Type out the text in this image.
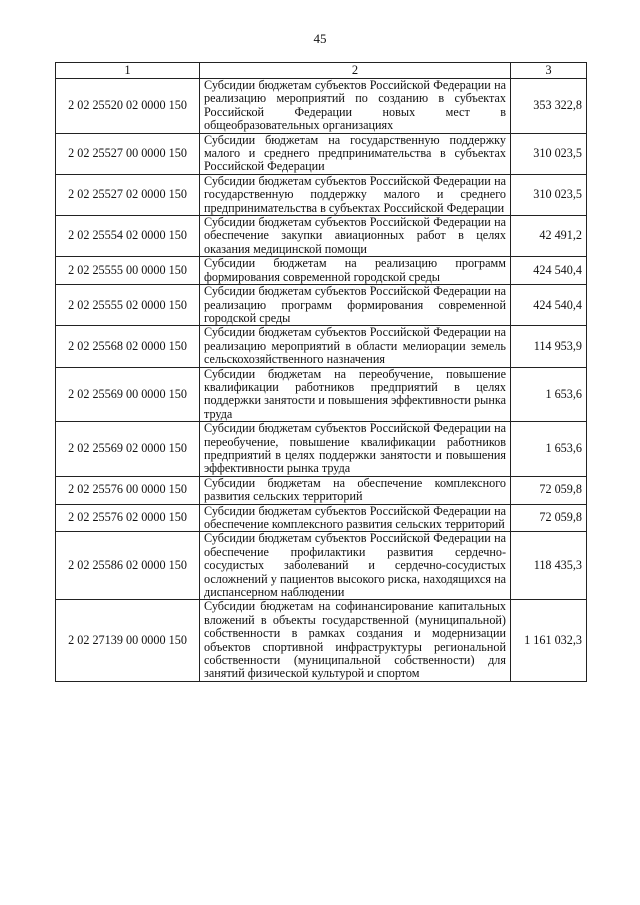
45
1	2	3
2 02 25520 02 0000 150	Субсидии бюджетам субъектов Российской Федерации на реализацию мероприятий по созданию в субъектах Российской Федерации новых мест в общеобразовательных организациях	353 322,8
2 02 25527 00 0000 150	Субсидии бюджетам на государственную поддержку малого и среднего предпринимательства в субъектах Российской Федерации	310 023,5
2 02 25527 02 0000 150	Субсидии бюджетам субъектов Российской Федерации на государственную поддержку малого и среднего предпринимательства в субъектах Российской Федерации	310 023,5
2 02 25554 02 0000 150	Субсидии бюджетам субъектов Российской Федерации на обеспечение закупки авиационных работ в целях оказания медицинской помощи	42 491,2
2 02 25555 00 0000 150	Субсидии бюджетам на реализацию программ формирования современной городской среды	424 540,4
2 02 25555 02 0000 150	Субсидии бюджетам субъектов Российской Федерации на реализацию программ формирования современной городской среды	424 540,4
2 02 25568 02 0000 150	Субсидии бюджетам субъектов Российской Федерации на реализацию мероприятий в области мелиорации земель сельскохозяйственного назначения	114 953,9
2 02 25569 00 0000 150	Субсидии бюджетам на переобучение, повышение квалификации работников предприятий в целях поддержки занятости и повышения эффективности рынка труда	1 653,6
2 02 25569 02 0000 150	Субсидии бюджетам субъектов Российской Федерации на переобучение, повышение квалификации работников предприятий в целях поддержки занятости и повышения эффективности рынка труда	1 653,6
2 02 25576 00 0000 150	Субсидии бюджетам на обеспечение комплексного развития сельских территорий	72 059,8
2 02 25576 02 0000 150	Субсидии бюджетам субъектов Российской Федерации на обеспечение комплексного развития сельских территорий	72 059,8
2 02 25586 02 0000 150	Субсидии бюджетам субъектов Российской Федерации на обеспечение профилактики развития сердечно-сосудистых заболеваний и сердечно-сосудистых осложнений у пациентов высокого риска, находящихся на диспансерном наблюдении	118 435,3
2 02 27139 00 0000 150	Субсидии бюджетам на софинансирование капитальных вложений в объекты государственной (муниципальной) собственности в рамках создания и модернизации объектов спортивной инфраструктуры региональной собственности (муниципальной собственности) для занятий физической культурой и спортом	1 161 032,3
